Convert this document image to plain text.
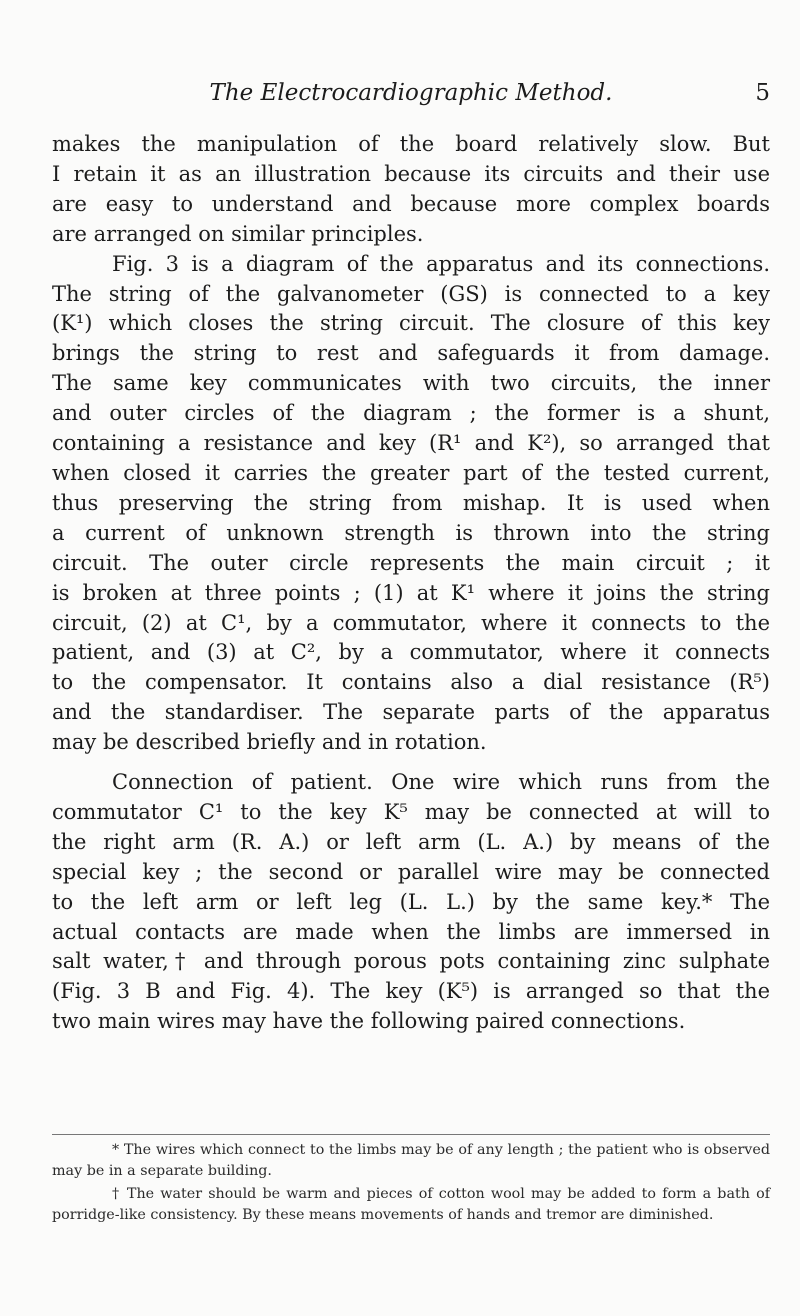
The Electrocardiographic Method.	5

makes the manipulation of the board relatively slow. But

I retain it as an illustration because its circuits and their use

are easy to understand and because more complex boards

are arranged on similar principles.

Fig. 3 is a diagram of the apparatus and its connections.

The string of the galvanometer (GS) is connected to a key

(K¹) which closes the string circuit. The closure of this key

brings the string to rest and safeguards it from damage.

The same key communicates with two circuits, the inner

and outer circles of the diagram ; the former is a shunt,

containing a resistance and key (R¹ and K²), so arranged that

when closed it carries the greater part of the tested current,

thus preserving the string from mishap. It is used when

a current of unknown strength is thrown into the string

circuit. The outer circle represents the main circuit ; it

is broken at three points ; (1) at K¹ where it joins the string

circuit, (2) at C¹, by a commutator, where it connects to the

patient, and (3) at C², by a commutator, where it connects

to the compensator. It contains also a dial resistance (R⁵)

and the standardiser. The separate parts of the apparatus

may be described briefly and in rotation.

Connection of patient. One wire which runs from the

commutator C¹ to the key K⁵ may be connected at will to

the right arm (R. A.) or left arm (L. A.) by means of the

special key ; the second or parallel wire may be connected

to the left arm or left leg (L. L.) by the same key.* The

actual contacts are made when the limbs are immersed in

salt water,† and through porous pots containing zinc sulphate

(Fig. 3 B and Fig. 4). The key (K⁵) is arranged so that the

two main wires may have the following paired connections.

* The wires which connect to the limbs may be of any length ; the patient who is observed may be in a separate building.

† The water should be warm and pieces of cotton wool may be added to form a bath of porridge-like consistency. By these means movements of hands and tremor are diminished.
